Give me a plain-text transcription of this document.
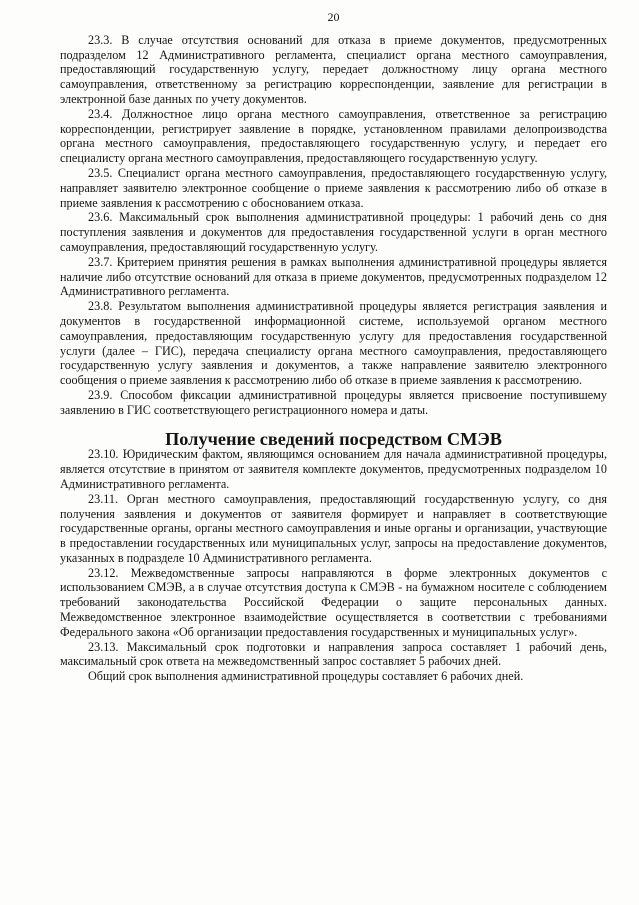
20

23.3. В случае отсутствия оснований для отказа в приеме документов, предусмотренных подразделом 12 Административного регламента, специалист органа местного самоуправления, предоставляющий государственную услугу, передает должностному лицу органа местного самоуправления, ответственному за регистрацию корреспонденции, заявление для регистрации в электронной базе данных по учету документов.

23.4. Должностное лицо органа местного самоуправления, ответственное за регистрацию корреспонденции, регистрирует заявление в порядке, установленном правилами делопроизводства органа местного самоуправления, предоставляющего государственную услугу, и передает его специалисту органа местного самоуправления, предоставляющего государственную услугу.

23.5. Специалист органа местного самоуправления, предоставляющего государственную услугу, направляет заявителю электронное сообщение о приеме заявления к рассмотрению либо об отказе в приеме заявления к рассмотрению с обоснованием отказа.

23.6. Максимальный срок выполнения административной процедуры: 1 рабочий день со дня поступления заявления и документов для предоставления государственной услуги в орган местного самоуправления, предоставляющий государственную услугу.

23.7. Критерием принятия решения в рамках выполнения административной процедуры является наличие либо отсутствие оснований для отказа в приеме документов, предусмотренных подразделом 12 Административного регламента.

23.8. Результатом выполнения административной процедуры является регистрация заявления и документов в государственной информационной системе, используемой органом местного самоуправления, предоставляющим государственную услугу для предоставления государственной услуги (далее – ГИС), передача специалисту органа местного самоуправления, предоставляющего государственную услугу заявления и документов, а также направление заявителю электронного сообщения о приеме заявления к рассмотрению либо об отказе в приеме заявления к рассмотрению.

23.9. Способом фиксации административной процедуры является присвоение поступившему заявлению в ГИС соответствующего регистрационного номера и даты.

Получение сведений посредством СМЭВ

23.10. Юридическим фактом, являющимся основанием для начала административной процедуры, является отсутствие в принятом от заявителя комплекте документов, предусмотренных подразделом 10 Административного регламента.

23.11. Орган местного самоуправления, предоставляющий государственную услугу, со дня получения заявления и документов от заявителя формирует и направляет в соответствующие государственные органы, органы местного самоуправления и иные органы и организации, участвующие в предоставлении государственных или муниципальных услуг, запросы на предоставление документов, указанных в подразделе 10 Административного регламента.

23.12. Межведомственные запросы направляются в форме электронных документов с использованием СМЭВ, а в случае отсутствия доступа к СМЭВ - на бумажном носителе с соблюдением требований законодательства Российской Федерации о защите персональных данных. Межведомственное электронное взаимодействие осуществляется в соответствии с требованиями Федерального закона «Об организации предоставления государственных и муниципальных услуг».

23.13. Максимальный срок подготовки и направления запроса составляет 1 рабочий день, максимальный срок ответа на межведомственный запрос составляет 5 рабочих дней.

Общий срок выполнения административной процедуры составляет 6 рабочих дней.
